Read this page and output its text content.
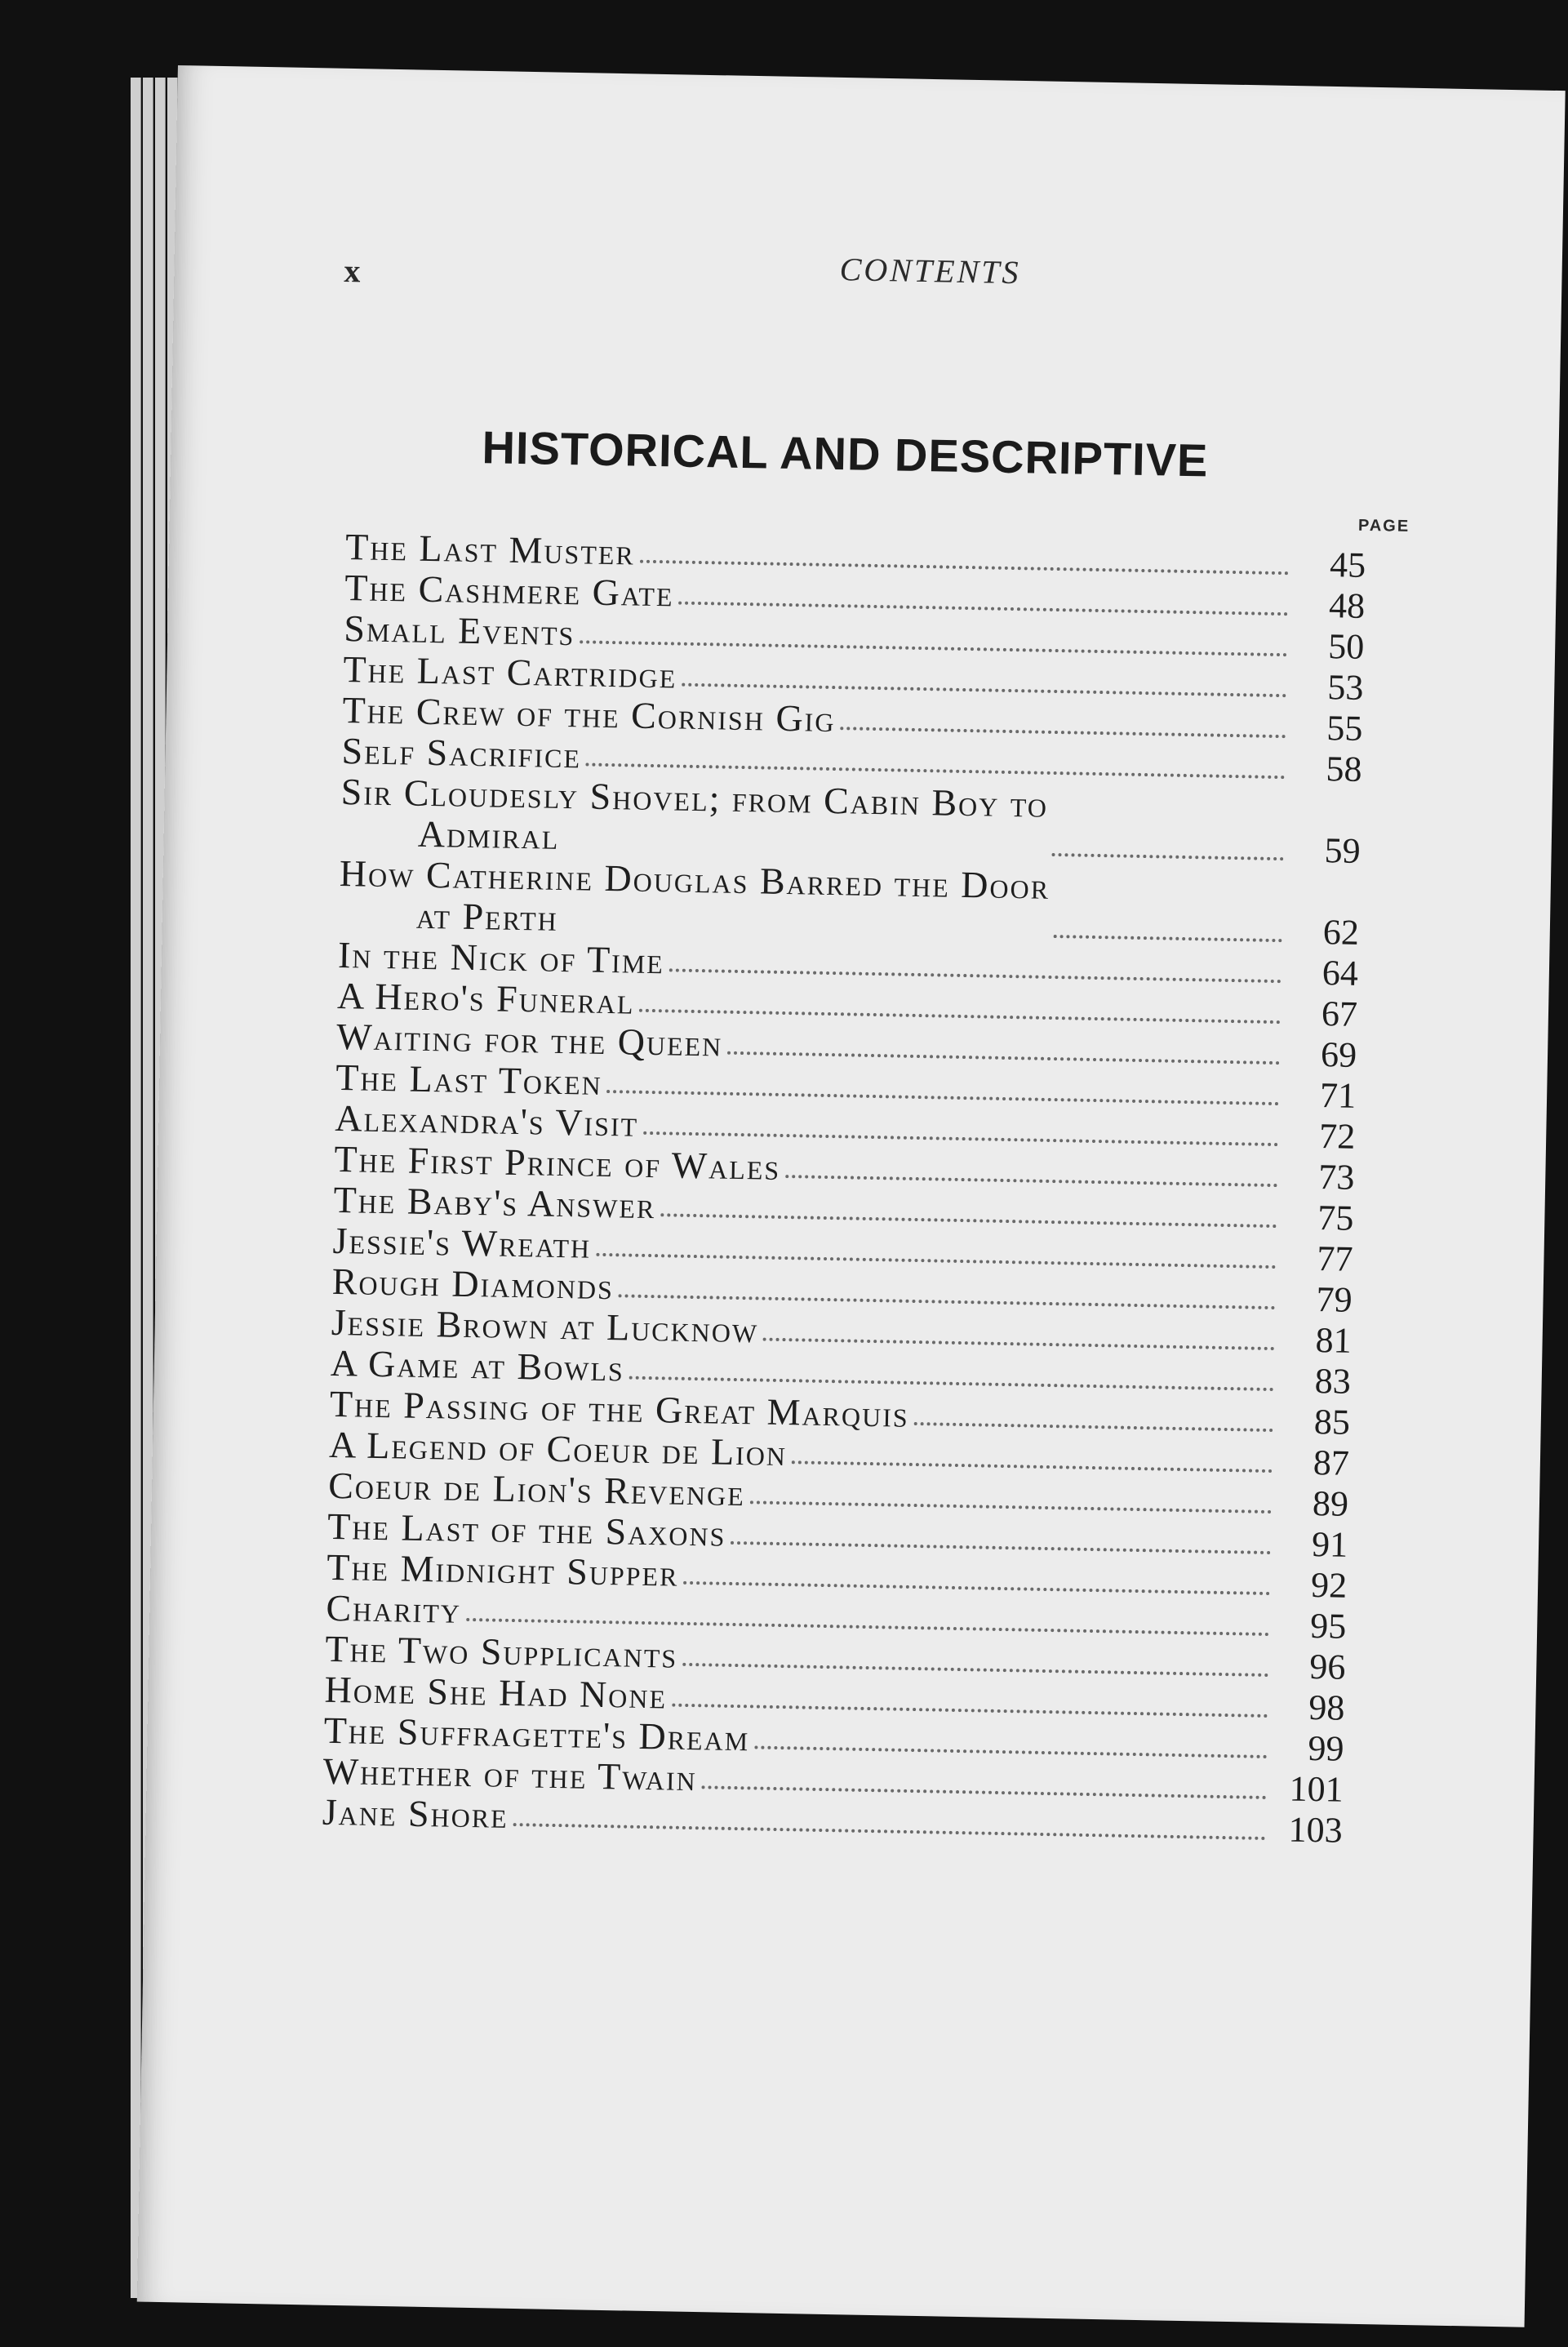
x	CONTENTS
HISTORICAL AND DESCRIPTIVE
PAGE
The Last Muster	45
The Cashmere Gate	48
Small Events	50
The Last Cartridge	53
The Crew of the Cornish Gig	55
Self Sacrifice	58
Sir Cloudesly Shovel; from Cabin Boy to
Admiral	59
How Catherine Douglas Barred the Door
at Perth	62
In the Nick of Time	64
A Hero's Funeral	67
Waiting for the Queen	69
The Last Token	71
Alexandra's Visit	72
The First Prince of Wales	73
The Baby's Answer	75
Jessie's Wreath	77
Rough Diamonds	79
Jessie Brown at Lucknow	81
A Game at Bowls	83
The Passing of the Great Marquis	85
A Legend of Coeur de Lion	87
Coeur de Lion's Revenge	89
The Last of the Saxons	91
The Midnight Supper	92
Charity	95
The Two Supplicants	96
Home She Had None	98
The Suffragette's Dream	99
Whether of the Twain	101
Jane Shore	103
